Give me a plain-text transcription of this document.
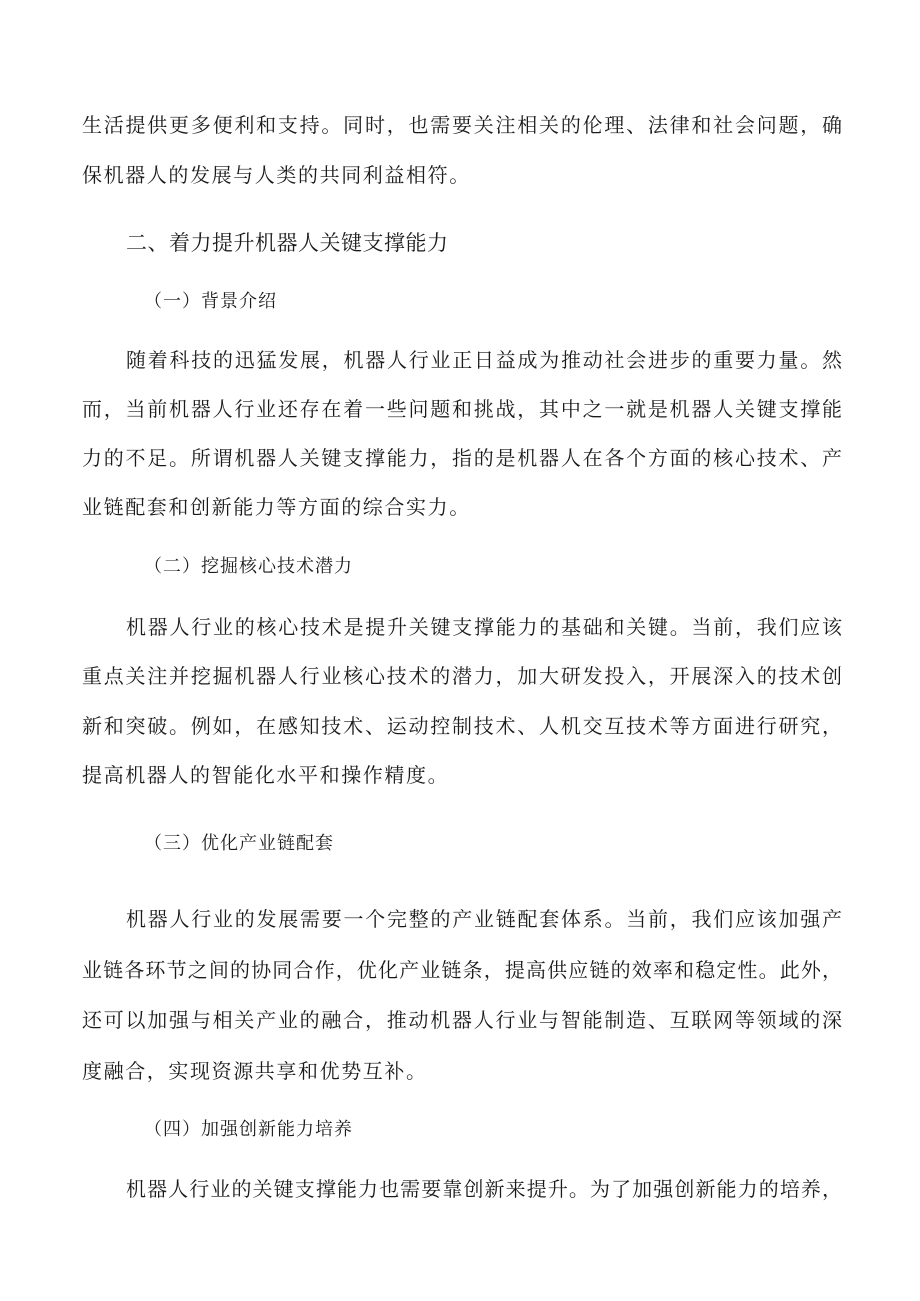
生活提供更多便利和支持。同时，也需要关注相关的伦理、法律和社会问题，确
保机器人的发展与人类的共同利益相符。
二、着力提升机器人关键支撑能力
（一）背景介绍
随着科技的迅猛发展，机器人行业正日益成为推动社会进步的重要力量。然
而，当前机器人行业还存在着一些问题和挑战，其中之一就是机器人关键支撑能
力的不足。所谓机器人关键支撑能力，指的是机器人在各个方面的核心技术、产
业链配套和创新能力等方面的综合实力。
（二）挖掘核心技术潜力
机器人行业的核心技术是提升关键支撑能力的基础和关键。当前，我们应该
重点关注并挖掘机器人行业核心技术的潜力，加大研发投入，开展深入的技术创
新和突破。例如，在感知技术、运动控制技术、人机交互技术等方面进行研究，
提高机器人的智能化水平和操作精度。
（三）优化产业链配套
机器人行业的发展需要一个完整的产业链配套体系。当前，我们应该加强产
业链各环节之间的协同合作，优化产业链条，提高供应链的效率和稳定性。此外，
还可以加强与相关产业的融合，推动机器人行业与智能制造、互联网等领域的深
度融合，实现资源共享和优势互补。
（四）加强创新能力培养
机器人行业的关键支撑能力也需要靠创新来提升。为了加强创新能力的培养，
